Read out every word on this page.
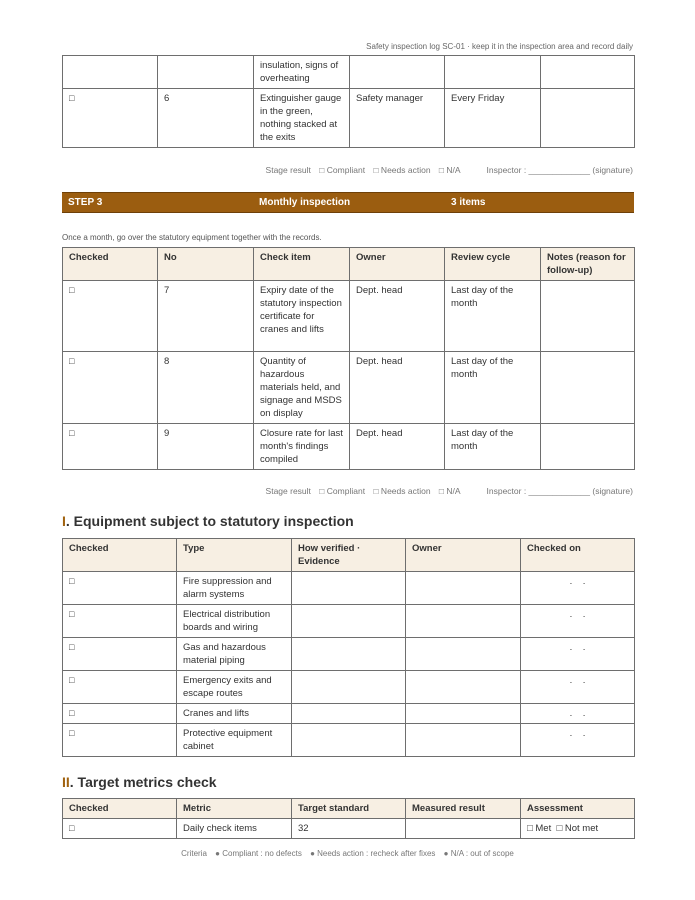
Safety inspection log SC-01 · keep it in the inspection area and record daily
		insulation, signs of overheating			
□	6	Extinguisher gauge in the green, nothing stacked at the exits	Safety manager	Every Friday	
Stage result □ Compliant □ Needs action □ N/A	Inspector : _____________ (signature)
STEP 3	Monthly inspection	3 items
Once a month, go over the statutory equipment together with the records.
Checked	No	Check item	Owner	Review cycle	Notes (reason for follow-up)
□	7	Expiry date of the statutory inspection certificate for cranes and lifts	Dept. head	Last day of the month	
□	8	Quantity of hazardous materials held, and signage and MSDS on display	Dept. head	Last day of the month	
□	9	Closure rate for last month's findings compiled	Dept. head	Last day of the month	
Stage result □ Compliant □ Needs action □ N/A	Inspector : _____________ (signature)
I. Equipment subject to statutory inspection
Checked	Type	How verified · Evidence	Owner	Checked on
□	Fire suppression and alarm systems			.    .
□	Electrical distribution boards and wiring			.    .
□	Gas and hazardous material piping			.    .
□	Emergency exits and escape routes			.    .
□	Cranes and lifts			.    .
□	Protective equipment cabinet			.    .
II. Target metrics check
Checked	Metric	Target standard	Measured result	Assessment
□	Daily check items	32		□ Met  □ Not met
Criteria ● Compliant : no defects ● Needs action : recheck after fixes ● N/A : out of scope
